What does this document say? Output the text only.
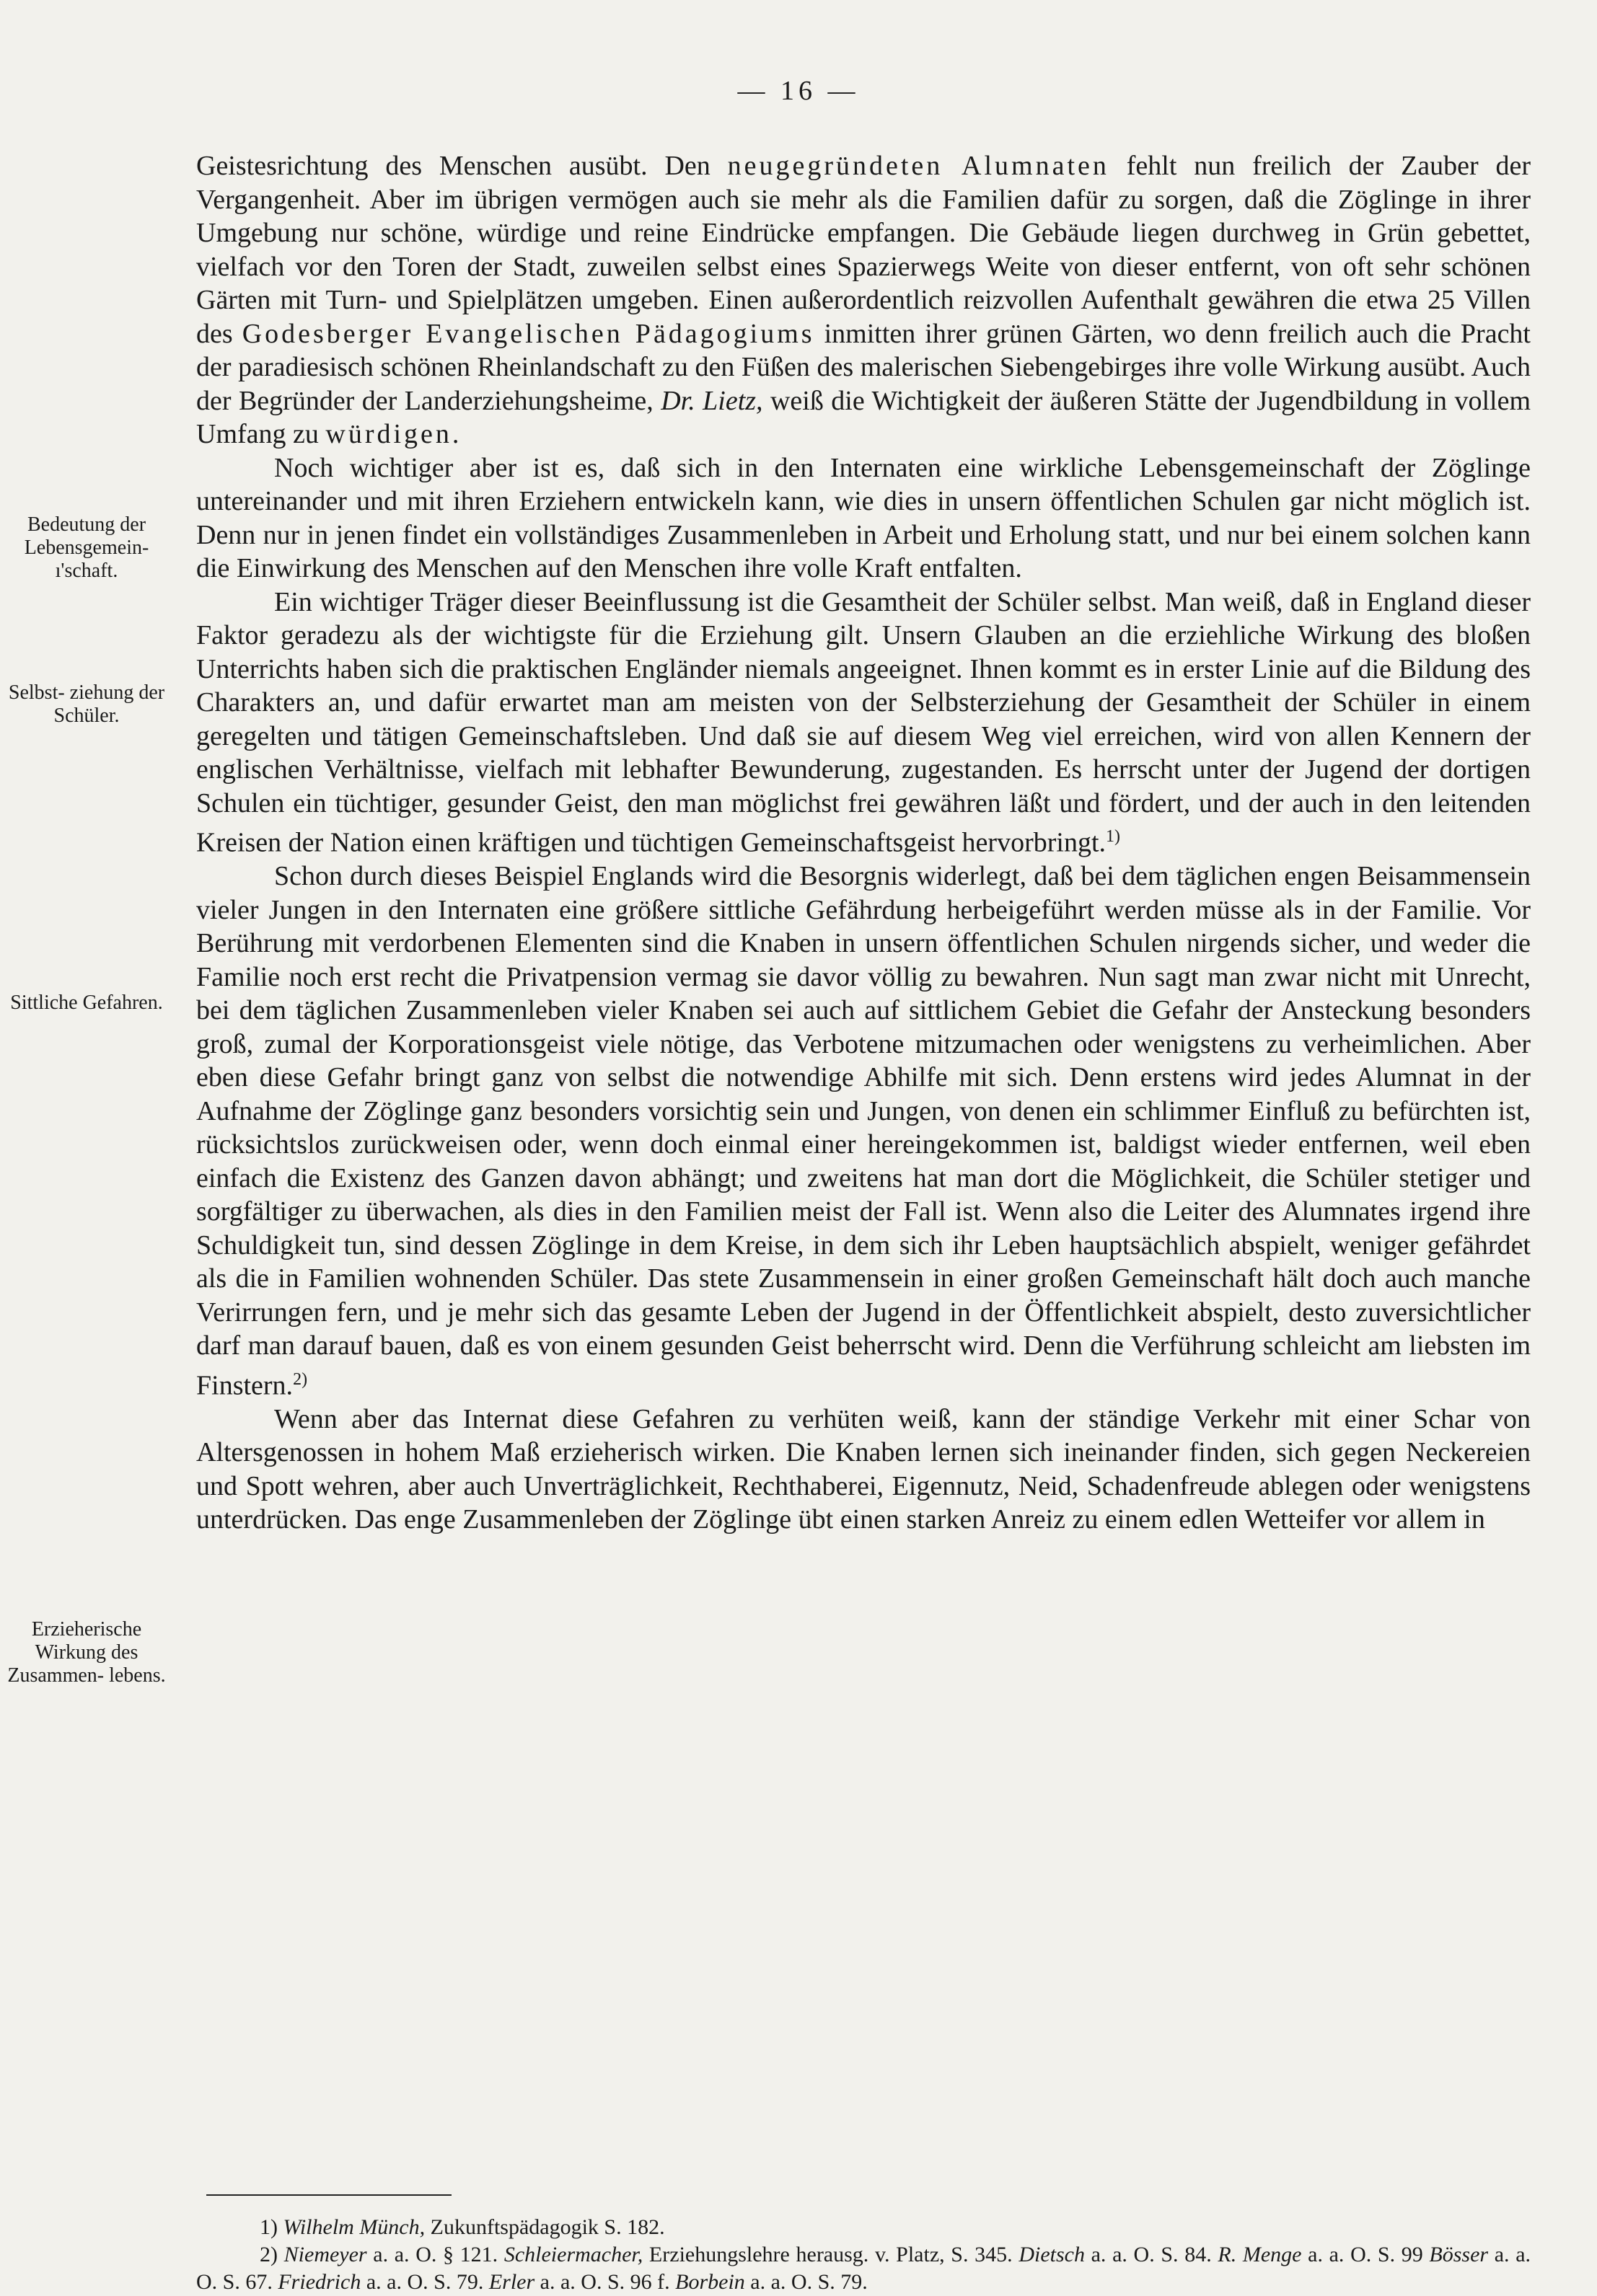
— 16 —
Bedeutung der Lebensgemein- ı'schaft.
Selbst- ziehung der Schüler.
Sittliche Gefahren.
Erzieherische Wirkung des Zusammen- lebens.

Geistesrichtung des Menschen ausübt. Den neugegründeten Alumnaten fehlt nun freilich der Zauber der Vergangenheit. Aber im übrigen vermögen auch sie mehr als die Familien dafür zu sorgen, daß die Zöglinge in ihrer Umgebung nur schöne, würdige und reine Eindrücke empfangen. Die Gebäude liegen durchweg in Grün gebettet, vielfach vor den Toren der Stadt, zuweilen selbst eines Spazierwegs Weite von dieser entfernt, von oft sehr schönen Gärten mit Turn- und Spielplätzen umgeben. Einen außerordentlich reizvollen Aufenthalt gewähren die etwa 25 Villen des Godesberger Evangelischen Pädagogiums inmitten ihrer grünen Gärten, wo denn freilich auch die Pracht der paradiesisch schönen Rheinlandschaft zu den Füßen des malerischen Siebengebirges ihre volle Wirkung ausübt. Auch der Begründer der Landerziehungsheime, Dr. Lietz, weiß die Wichtigkeit der äußeren Stätte der Jugendbildung in vollem Umfang zu würdigen.

Noch wichtiger aber ist es, daß sich in den Internaten eine wirkliche Lebensgemeinschaft der Zöglinge untereinander und mit ihren Erziehern entwickeln kann, wie dies in unsern öffentlichen Schulen gar nicht möglich ist. Denn nur in jenen findet ein vollständiges Zusammenleben in Arbeit und Erholung statt, und nur bei einem solchen kann die Einwirkung des Menschen auf den Menschen ihre volle Kraft entfalten.

Ein wichtiger Träger dieser Beeinflussung ist die Gesamtheit der Schüler selbst. Man weiß, daß in England dieser Faktor geradezu als der wichtigste für die Erziehung gilt. Unsern Glauben an die erziehliche Wirkung des bloßen Unterrichts haben sich die praktischen Engländer niemals angeeignet. Ihnen kommt es in erster Linie auf die Bildung des Charakters an, und dafür erwartet man am meisten von der Selbsterziehung der Gesamtheit der Schüler in einem geregelten und tätigen Gemeinschaftsleben. Und daß sie auf diesem Weg viel erreichen, wird von allen Kennern der englischen Verhältnisse, vielfach mit lebhafter Bewunderung, zugestanden. Es herrscht unter der Jugend der dortigen Schulen ein tüchtiger, gesunder Geist, den man möglichst frei gewähren läßt und fördert, und der auch in den leitenden Kreisen der Nation einen kräftigen und tüchtigen Gemeinschaftsgeist hervorbringt.$^{1)}$

Schon durch dieses Beispiel Englands wird die Besorgnis widerlegt, daß bei dem täglichen engen Beisammensein vieler Jungen in den Internaten eine größere sittliche Gefährdung herbeigeführt werden müsse als in der Familie. Vor Berührung mit verdorbenen Elementen sind die Knaben in unsern öffentlichen Schulen nirgends sicher, und weder die Familie noch erst recht die Privatpension vermag sie davor völlig zu bewahren. Nun sagt man zwar nicht mit Unrecht, bei dem täglichen Zusammenleben vieler Knaben sei auch auf sittlichem Gebiet die Gefahr der Ansteckung besonders groß, zumal der Korporationsgeist viele nötige, das Verbotene mitzumachen oder wenigstens zu verheimlichen. Aber eben diese Gefahr bringt ganz von selbst die notwendige Abhilfe mit sich. Denn erstens wird jedes Alumnat in der Aufnahme der Zöglinge ganz besonders vorsichtig sein und Jungen, von denen ein schlimmer Einfluß zu befürchten ist, rücksichtslos zurückweisen oder, wenn doch einmal einer hereingekommen ist, baldigst wieder entfernen, weil eben einfach die Existenz des Ganzen davon abhängt; und zweitens hat man dort die Möglichkeit, die Schüler stetiger und sorgfältiger zu überwachen, als dies in den Familien meist der Fall ist. Wenn also die Leiter des Alumnates irgend ihre Schuldigkeit tun, sind dessen Zöglinge in dem Kreise, in dem sich ihr Leben hauptsächlich abspielt, weniger gefährdet als die in Familien wohnenden Schüler. Das stete Zusammensein in einer großen Gemeinschaft hält doch auch manche Verirrungen fern, und je mehr sich das gesamte Leben der Jugend in der Öffentlichkeit abspielt, desto zuversichtlicher darf man darauf bauen, daß es von einem gesunden Geist beherrscht wird. Denn die Verführung schleicht am liebsten im Finstern.$^{2)}$

Wenn aber das Internat diese Gefahren zu verhüten weiß, kann der ständige Verkehr mit einer Schar von Altersgenossen in hohem Maß erzieherisch wirken. Die Knaben lernen sich ineinander finden, sich gegen Neckereien und Spott wehren, aber auch Unverträglichkeit, Rechthaberei, Eigennutz, Neid, Schadenfreude ablegen oder wenigstens unterdrücken. Das enge Zusammenleben der Zöglinge übt einen starken Anreiz zu einem edlen Wetteifer vor allem in

1) Wilhelm Münch, Zukunftspädagogik S. 182.

2) Niemeyer a. a. O. § 121. Schleiermacher, Erziehungslehre herausg. v. Platz, S. 345. Dietsch a. a. O. S. 84. R. Menge a. a. O. S. 99 Bösser a. a. O. S. 67. Friedrich a. a. O. S. 79. Erler a. a. O. S. 96 f. Borbein a. a. O. S. 79.
